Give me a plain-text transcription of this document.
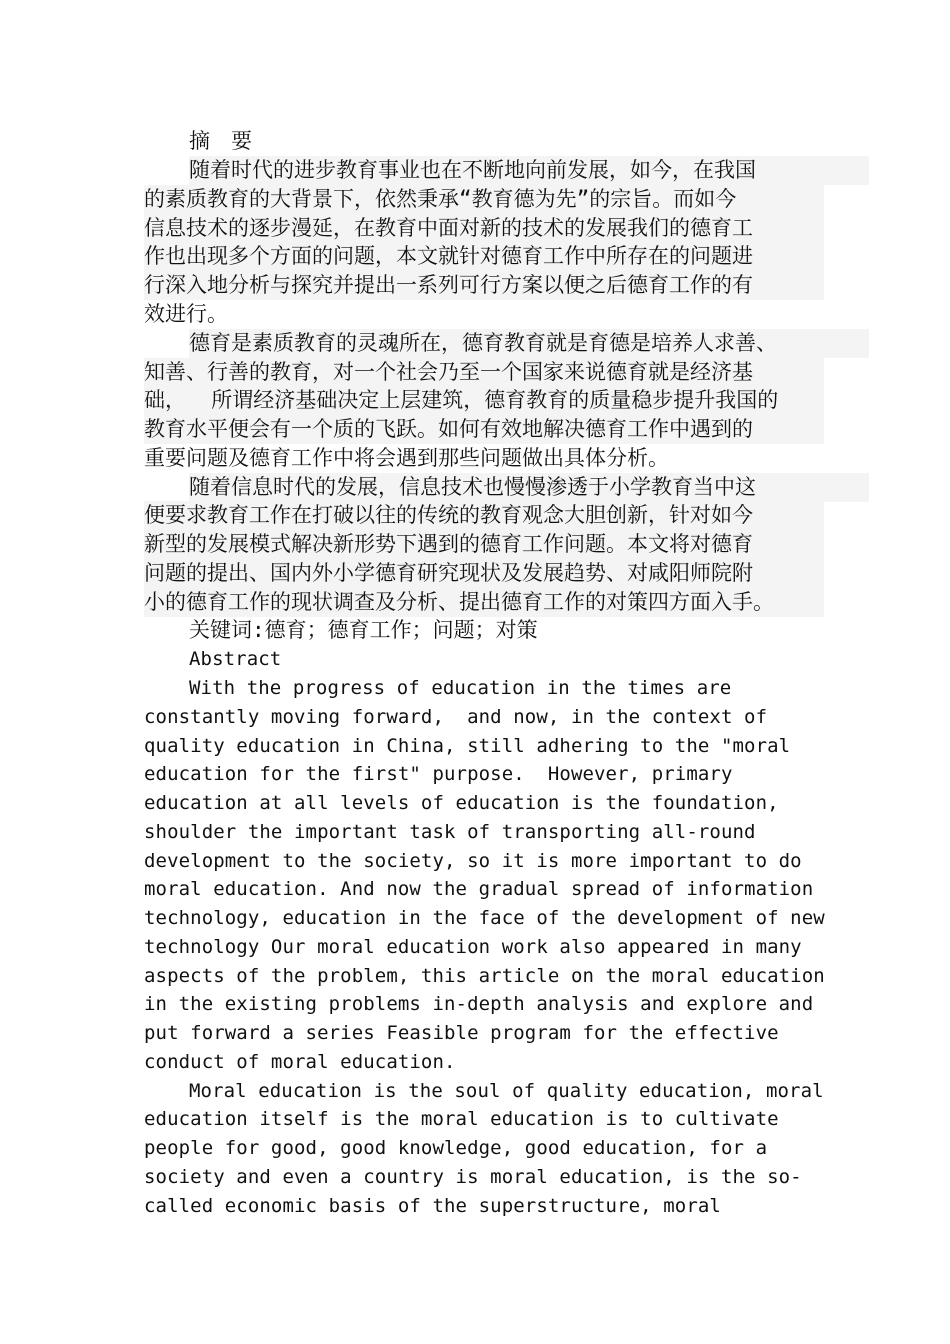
摘　要
随着时代的进步教育事业也在不断地向前发展，如今，在我国
的素质教育的大背景下，依然秉承“教育德为先”的宗旨。而如今
信息技术的逐步漫延，在教育中面对新的技术的发展我们的德育工
作也出现多个方面的问题，本文就针对德育工作中所存在的问题进
行深入地分析与探究并提出一系列可行方案以便之后德育工作的有
效进行。
德育是素质教育的灵魂所在，德育教育就是育德是培养人求善、
知善、行善的教育，对一个社会乃至一个国家来说德育就是经济基
础，  所谓经济基础决定上层建筑，德育教育的质量稳步提升我国的
教育水平便会有一个质的飞跃。如何有效地解决德育工作中遇到的
重要问题及德育工作中将会遇到那些问题做出具体分析。
随着信息时代的发展，信息技术也慢慢渗透于小学教育当中这
便要求教育工作在打破以往的传统的教育观念大胆创新，针对如今
新型的发展模式解决新形势下遇到的德育工作问题。本文将对德育
问题的提出、国内外小学德育研究现状及发展趋势、对咸阳师院附
小的德育工作的现状调查及分析、提出德育工作的对策四方面入手。
关键词:德育；德育工作；问题；对策
Abstract
With the progress of education in the times are
constantly moving forward,  and now, in the context of
quality education in China, still adhering to the "moral
education for the first" purpose.  However, primary
education at all levels of education is the foundation,
shoulder the important task of transporting all-round
development to the society, so it is more important to do
moral education. And now the gradual spread of information
technology, education in the face of the development of new
technology Our moral education work also appeared in many
aspects of the problem, this article on the moral education
in the existing problems in-depth analysis and explore and
put forward a series Feasible program for the effective
conduct of moral education.
Moral education is the soul of quality education, moral
education itself is the moral education is to cultivate
people for good, good knowledge, good education, for a
society and even a country is moral education, is the so-
called economic basis of the superstructure, moral
